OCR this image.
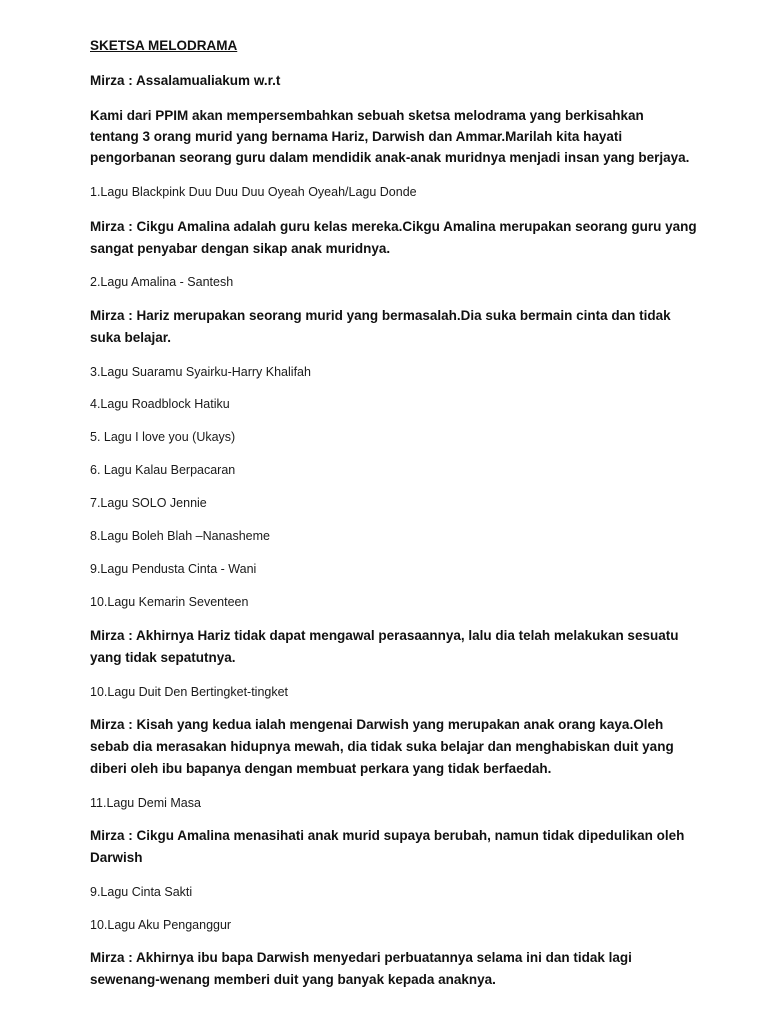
SKETSA MELODRAMA
Mirza : Assalamualiakum w.r.t
Kami dari PPIM akan mempersembahkan sebuah sketsa melodrama yang berkisahkan
tentang 3 orang murid yang bernama Hariz, Darwish dan Ammar.Marilah kita hayati
pengorbanan seorang guru dalam mendidik anak-anak muridnya menjadi insan yang berjaya.
1.Lagu Blackpink Duu Duu Duu Oyeah Oyeah/Lagu Donde
Mirza : Cikgu Amalina adalah guru kelas mereka.Cikgu Amalina merupakan seorang guru yang
sangat penyabar dengan sikap anak muridnya.
2.Lagu Amalina - Santesh
Mirza : Hariz merupakan seorang murid yang bermasalah.Dia suka bermain cinta dan tidak
suka belajar.
3.Lagu Suaramu Syairku-Harry Khalifah
4.Lagu Roadblock Hatiku
5. Lagu I love you (Ukays)
6. Lagu Kalau Berpacaran
7.Lagu SOLO Jennie
8.Lagu Boleh Blah –Nanasheme
9.Lagu Pendusta Cinta - Wani
10.Lagu Kemarin Seventeen
Mirza : Akhirnya Hariz tidak dapat mengawal perasaannya, lalu dia telah melakukan sesuatu
yang tidak sepatutnya.
10.Lagu Duit Den Bertingket-tingket
Mirza : Kisah yang kedua ialah mengenai Darwish yang merupakan anak orang kaya.Oleh
sebab dia merasakan hidupnya mewah, dia tidak suka belajar dan menghabiskan duit yang
diberi oleh ibu bapanya dengan membuat perkara yang tidak berfaedah.
11.Lagu Demi Masa
Mirza : Cikgu Amalina menasihati anak murid supaya berubah, namun tidak dipedulikan oleh
Darwish
9.Lagu Cinta Sakti
10.Lagu Aku Penganggur
Mirza : Akhirnya ibu bapa Darwish menyedari perbuatannya selama ini dan tidak lagi
sewenang-wenang memberi duit yang banyak kepada anaknya.
